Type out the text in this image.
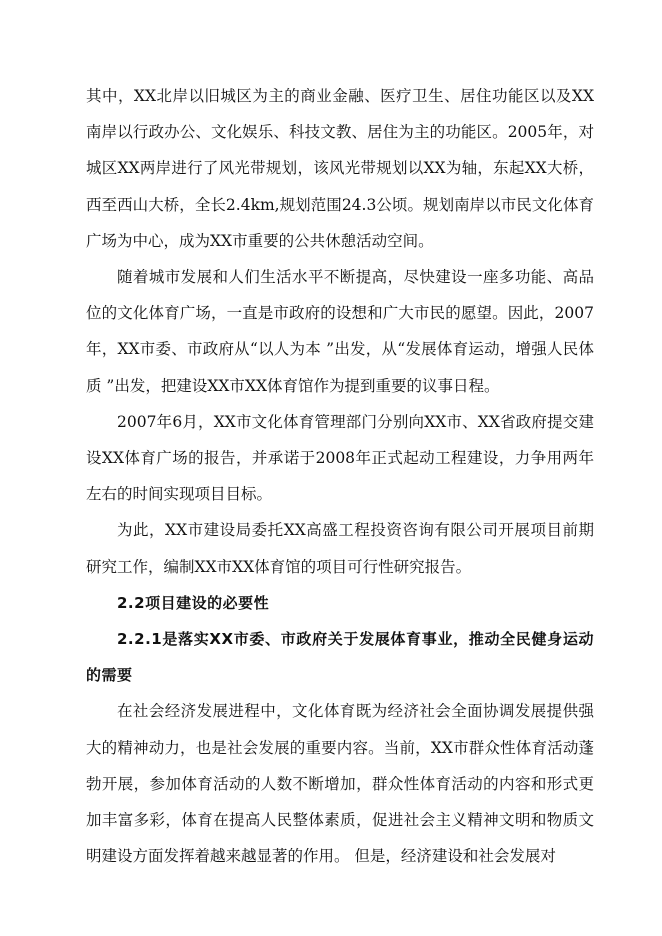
其中，XX北岸以旧城区为主的商业金融、医疗卫生、居住功能区以及XX南岸以行政办公、文化娱乐、科技文教、居住为主的功能区。2005年，对城区XX两岸进行了风光带规划，该风光带规划以XX为轴，东起XX大桥，西至西山大桥，全长2.4km,规划范围24.3公顷。规划南岸以市民文化体育广场为中心，成为XX市重要的公共休憩活动空间。

随着城市发展和人们生活水平不断提高，尽快建设一座多功能、高品位的文化体育广场，一直是市政府的设想和广大市民的愿望。因此，2007年，XX市委、市政府从“以人为本 ”出发，从“发展体育运动，增强人民体质 ”出发，把建设XX市XX体育馆作为提到重要的议事日程。

2007年6月，XX市文化体育管理部门分别向XX市、XX省政府提交建设XX体育广场的报告，并承诺于2008年正式起动工程建设，力争用两年左右的时间实现项目目标。

为此，XX市建设局委托XX高盛工程投资咨询有限公司开展项目前期研究工作，编制XX市XX体育馆的项目可行性研究报告。

2.2项目建设的必要性

2.2.1是落实XX市委、市政府关于发展体育事业，推动全民健身运动的需要

在社会经济发展进程中，文化体育既为经济社会全面协调发展提供强大的精神动力，也是社会发展的重要内容。当前，XX市群众性体育活动蓬勃开展，参加体育活动的人数不断增加，群众性体育活动的内容和形式更加丰富多彩，体育在提高人民整体素质，促进社会主义精神文明和物质文明建设方面发挥着越来越显著的作用。 但是，经济建设和社会发展对
